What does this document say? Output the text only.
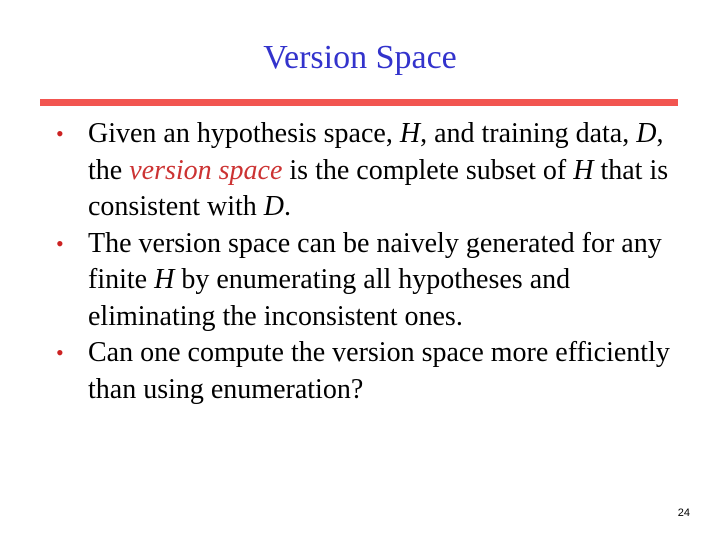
Version Space
• Given an hypothesis space, H, and training data, D, the version space is the complete subset of H that is consistent with D.
• The version space can be naively generated for any finite H by enumerating all hypotheses and eliminating the inconsistent ones.
• Can one compute the version space more efficiently than using enumeration?
24
